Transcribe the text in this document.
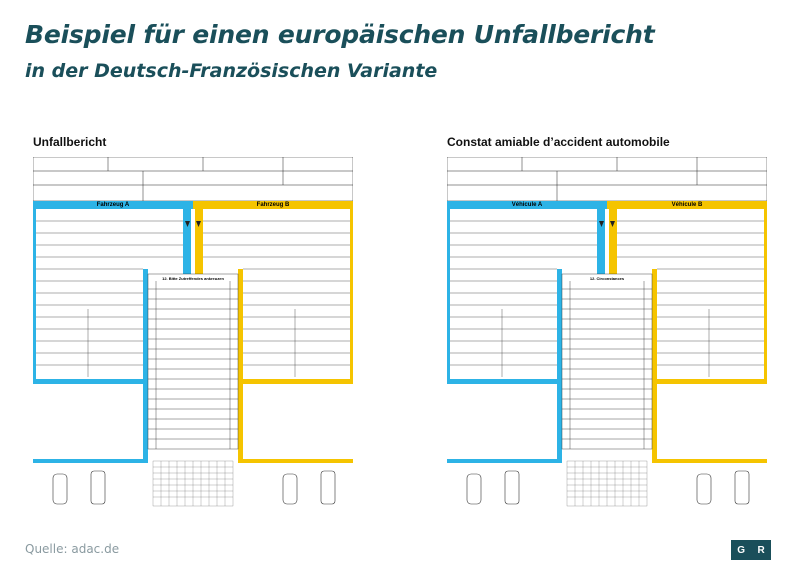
Beispiel für einen europäischen Unfallbericht
in der Deutsch-Französischen Variante
Unfallbericht
Fahrzeug A	Fahrzeug B
12. Bitte Zutreffendes ankreuzen
Constat amiable d’accident automobile
Véhicule A	Véhicule B
12. Circonstances
Quelle: adac.de	G R
